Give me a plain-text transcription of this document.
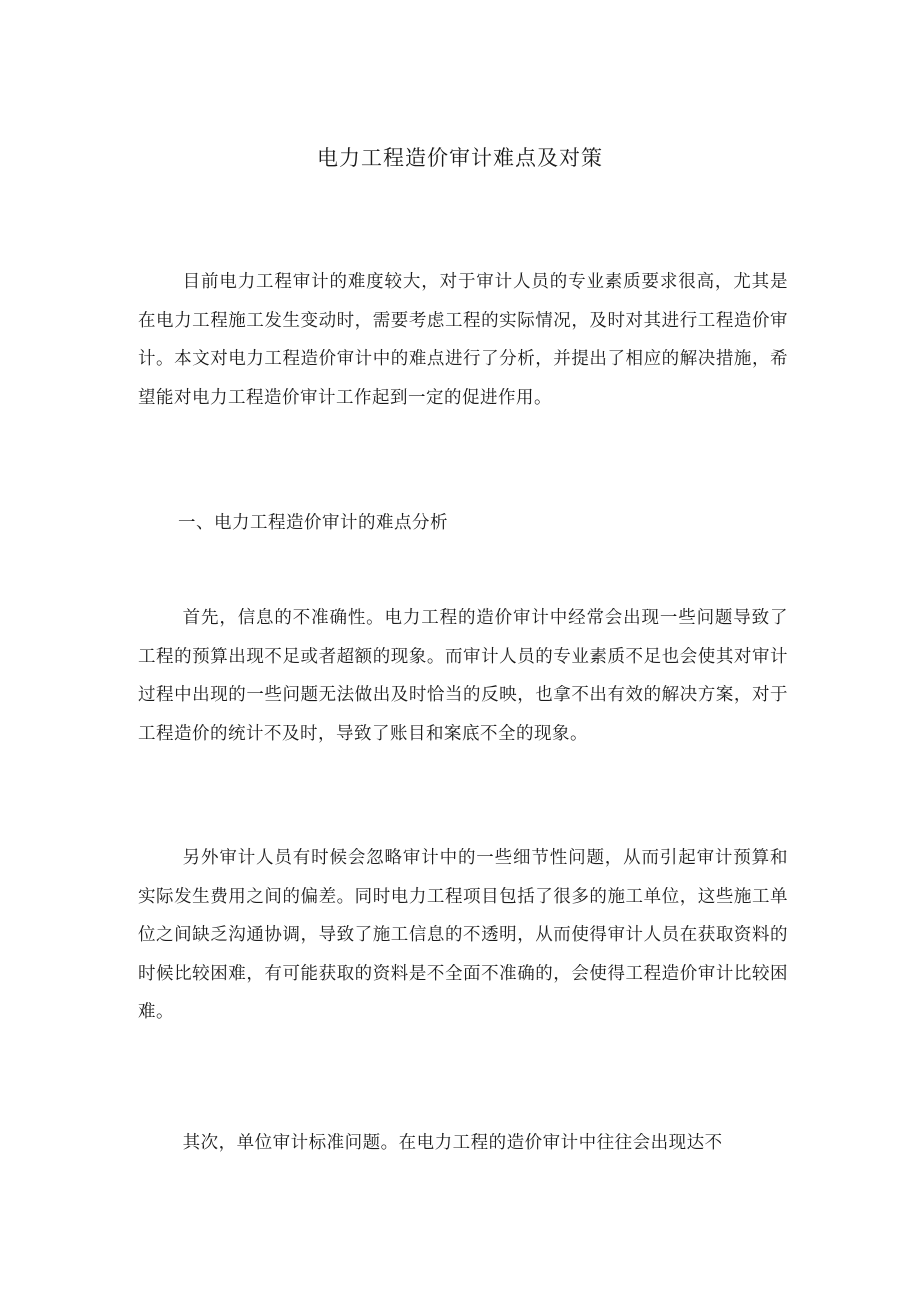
电力工程造价审计难点及对策

目前电力工程审计的难度较大，对于审计人员的专业素质要求很高，尤其是在电力工程施工发生变动时，需要考虑工程的实际情况，及时对其进行工程造价审计。本文对电力工程造价审计中的难点进行了分析，并提出了相应的解决措施，希望能对电力工程造价审计工作起到一定的促进作用。

一、电力工程造价审计的难点分析

首先，信息的不准确性。电力工程的造价审计中经常会出现一些问题导致了工程的预算出现不足或者超额的现象。而审计人员的专业素质不足也会使其对审计过程中出现的一些问题无法做出及时恰当的反映，也拿不出有效的解决方案，对于工程造价的统计不及时，导致了账目和案底不全的现象。

另外审计人员有时候会忽略审计中的一些细节性问题，从而引起审计预算和实际发生费用之间的偏差。同时电力工程项目包括了很多的施工单位，这些施工单位之间缺乏沟通协调，导致了施工信息的不透明，从而使得审计人员在获取资料的时候比较困难，有可能获取的资料是不全面不准确的，会使得工程造价审计比较困难。

其次，单位审计标准问题。在电力工程的造价审计中往往会出现达不
